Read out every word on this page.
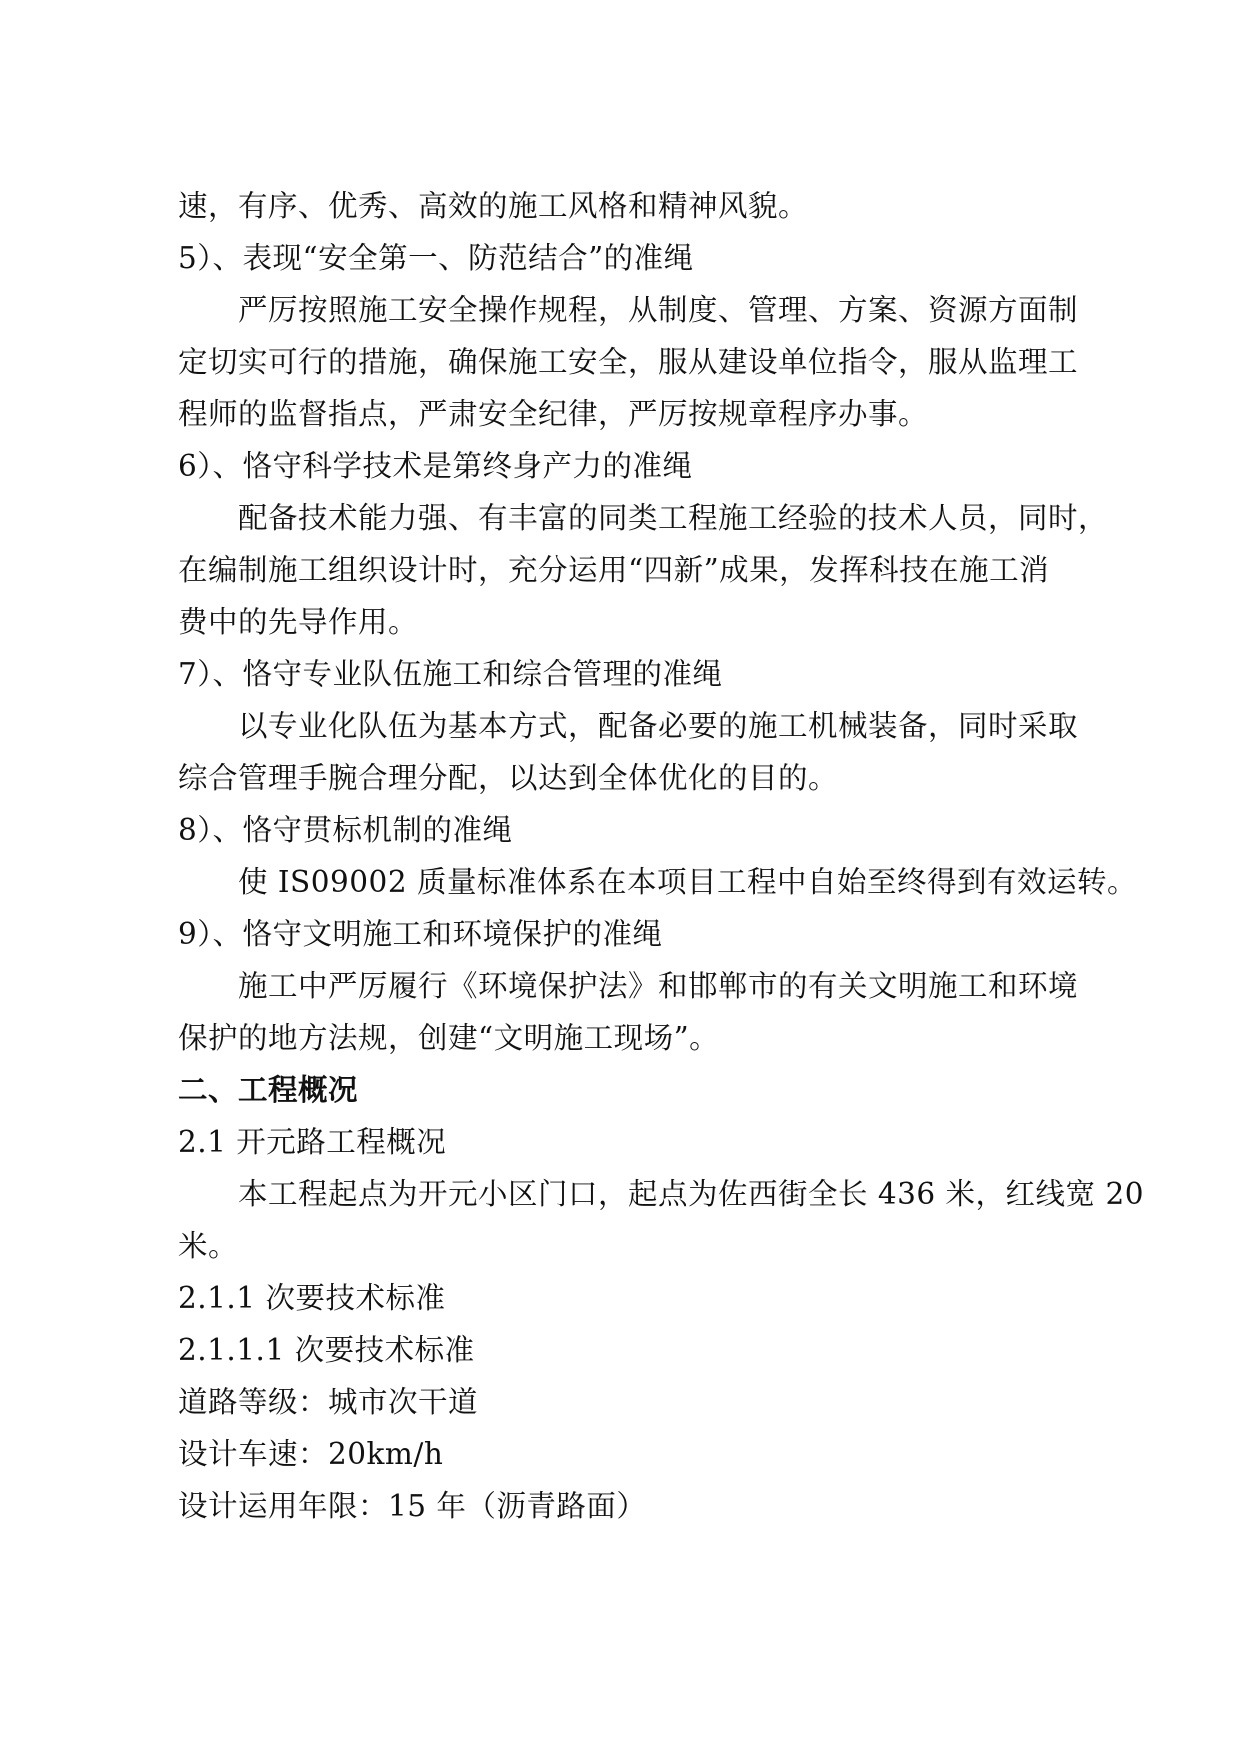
速，有序、优秀、高效的施工风格和精神风貌。
5）、表现“安全第一、防范结合”的准绳
严厉按照施工安全操作规程，从制度、管理、方案、资源方面制
定切实可行的措施，确保施工安全，服从建设单位指令，服从监理工
程师的监督指点，严肃安全纪律，严厉按规章程序办事。
6）、恪守科学技术是第终身产力的准绳
配备技术能力强、有丰富的同类工程施工经验的技术人员，同时，
在编制施工组织设计时，充分运用“四新”成果，发挥科技在施工消
费中的先导作用。
7）、恪守专业队伍施工和综合管理的准绳
以专业化队伍为基本方式，配备必要的施工机械装备，同时采取
综合管理手腕合理分配，以达到全体优化的目的。
8）、恪守贯标机制的准绳
使 IS09002 质量标准体系在本项目工程中自始至终得到有效运转。
9）、恪守文明施工和环境保护的准绳
施工中严厉履行《环境保护法》和邯郸市的有关文明施工和环境
保护的地方法规，创建“文明施工现场”。
二、工程概况
2.1 开元路工程概况
本工程起点为开元小区门口，起点为佐西街全长 436 米，红线宽 20
米。
2.1.1 次要技术标准
2.1.1.1 次要技术标准
道路等级：城市次干道
设计车速：20km/h
设计运用年限：15 年（沥青路面）
